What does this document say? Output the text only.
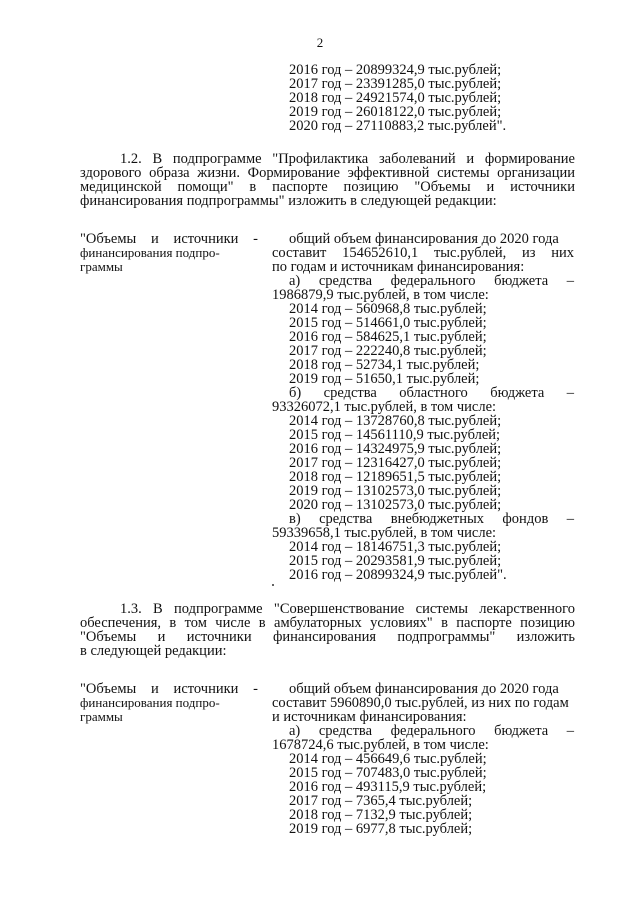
2
2016 год – 20899324,9 тыс.рублей;
2017 год – 23391285,0 тыс.рублей;
2018 год – 24921574,0 тыс.рублей;
2019 год – 26018122,0 тыс.рублей;
2020 год – 27110883,2 тыс.рублей".
1.2. В подпрограмме "Профилактика заболеваний и формирование
здорового образа жизни. Формирование эффективной системы организации
медицинской помощи" в паспорте позицию "Объемы и источники
финансирования подпрограммы" изложить в следующей редакции:
"Объемы и источники -
финансирования подпро-
граммы
общий объем финансирования до 2020 года
составит 154652610,1 тыс.рублей, из них
по годам и источникам финансирования:
а) средства федерального бюджета –
1986879,9 тыс.рублей, в том числе:
2014 год – 560968,8 тыс.рублей;
2015 год – 514661,0 тыс.рублей;
2016 год – 584625,1 тыс.рублей;
2017 год – 222240,8 тыс.рублей;
2018 год – 52734,1 тыс.рублей;
2019 год – 51650,1 тыс.рублей;
б) средства областного бюджета –
93326072,1 тыс.рублей, в том числе:
2014 год – 13728760,8 тыс.рублей;
2015 год – 14561110,9 тыс.рублей;
2016 год – 14324975,9 тыс.рублей;
2017 год – 12316427,0 тыс.рублей;
2018 год – 12189651,5 тыс.рублей;
2019 год – 13102573,0 тыс.рублей;
2020 год – 13102573,0 тыс.рублей;
в) средства внебюджетных фондов –
59339658,1 тыс.рублей, в том числе:
2014 год – 18146751,3 тыс.рублей;
2015 год – 20293581,9 тыс.рублей;
2016 год – 20899324,9 тыс.рублей".
1.3. В подпрограмме "Совершенствование системы лекарственного
обеспечения, в том числе в амбулаторных условиях" в паспорте позицию
"Объемы и источники финансирования подпрограммы" изложить
в следующей редакции:
"Объемы и источники -
финансирования подпро-
граммы
общий объем финансирования до 2020 года
составит 5960890,0 тыс.рублей, из них по годам
и источникам финансирования:
а) средства федерального бюджета –
1678724,6 тыс.рублей, в том числе:
2014 год – 456649,6 тыс.рублей;
2015 год – 707483,0 тыс.рублей;
2016 год – 493115,9 тыс.рублей;
2017 год – 7365,4 тыс.рублей;
2018 год – 7132,9 тыс.рублей;
2019 год – 6977,8 тыс.рублей;
